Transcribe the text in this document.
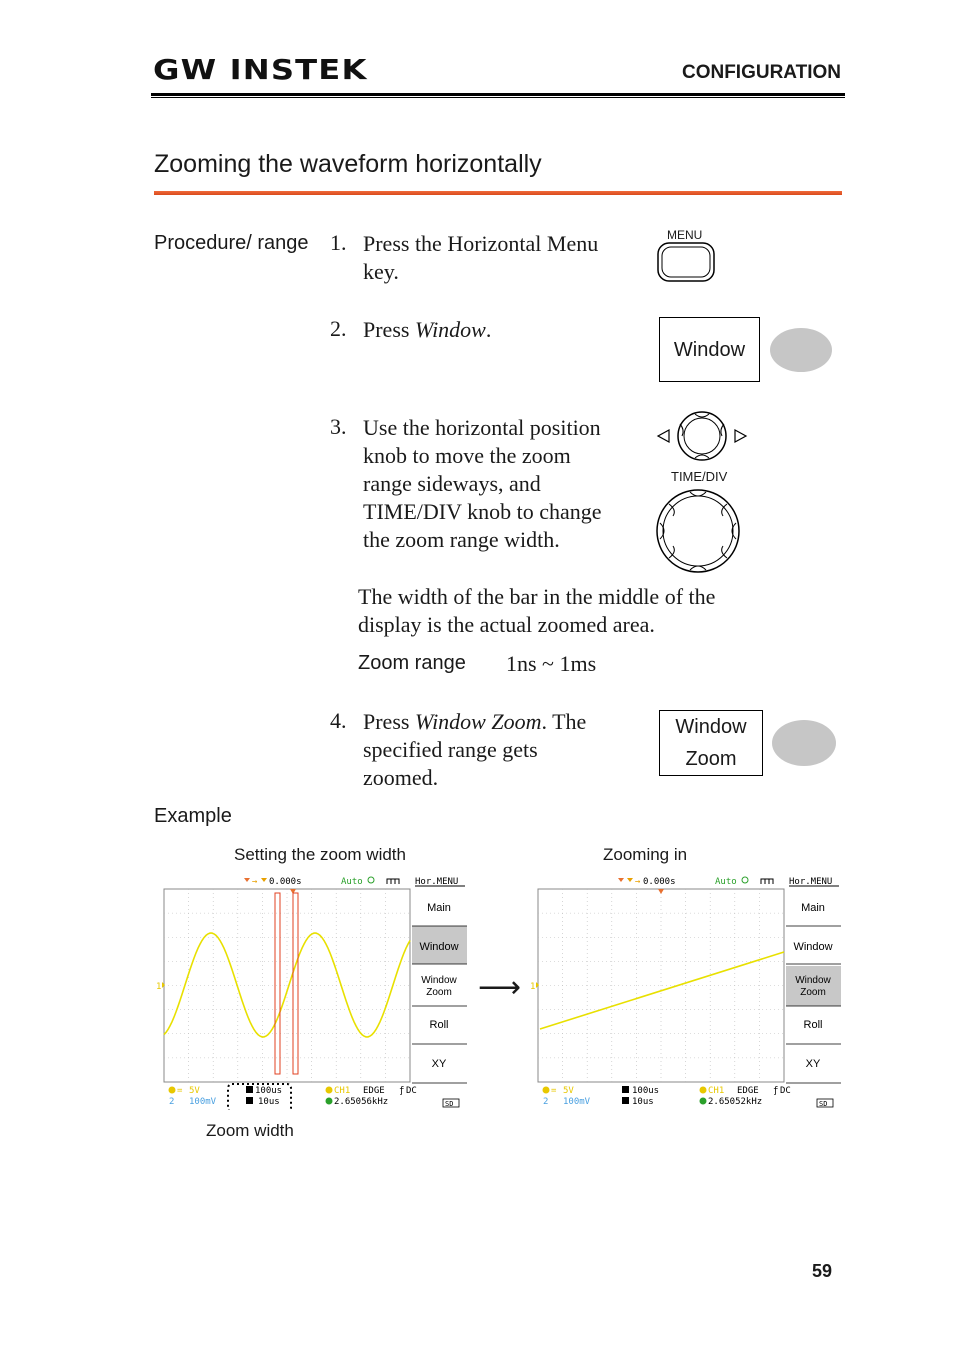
GW INSTEK	CONFIGURATION
Zooming the waveform horizontally
Procedure/ range 1. Press the Horizontal Menu
key.
MENU
2. Press Window.
Window
3. Use the horizontal position
knob to move the zoom
range sideways, and
TIME/DIV knob to change
the zoom range width.
TIME/DIV
The width of the bar in the middle of the
display is the actual zoomed area.
Zoom range 1ns ~ 1ms
4. Press Window Zoom. The
specified range gets
zoomed.
Window
Zoom
Example
Setting the zoom width	Zooming in
⟶
Zoom width
→ 0.000s	Auto	Hor.MENU
1
Main
Window
Window
Zoom
Roll
XY
= 5V
2 100mV
100us
10us
CH1 EDGE ƒ DC
2.65056kHz	SD
→ 0.000s	Auto	Hor.MENU
1
Main
Window
Window
Zoom
Roll
XY
= 5V
2 100mV
100us
10us
CH1 EDGE ƒ DC
2.65052kHz	SD
59
